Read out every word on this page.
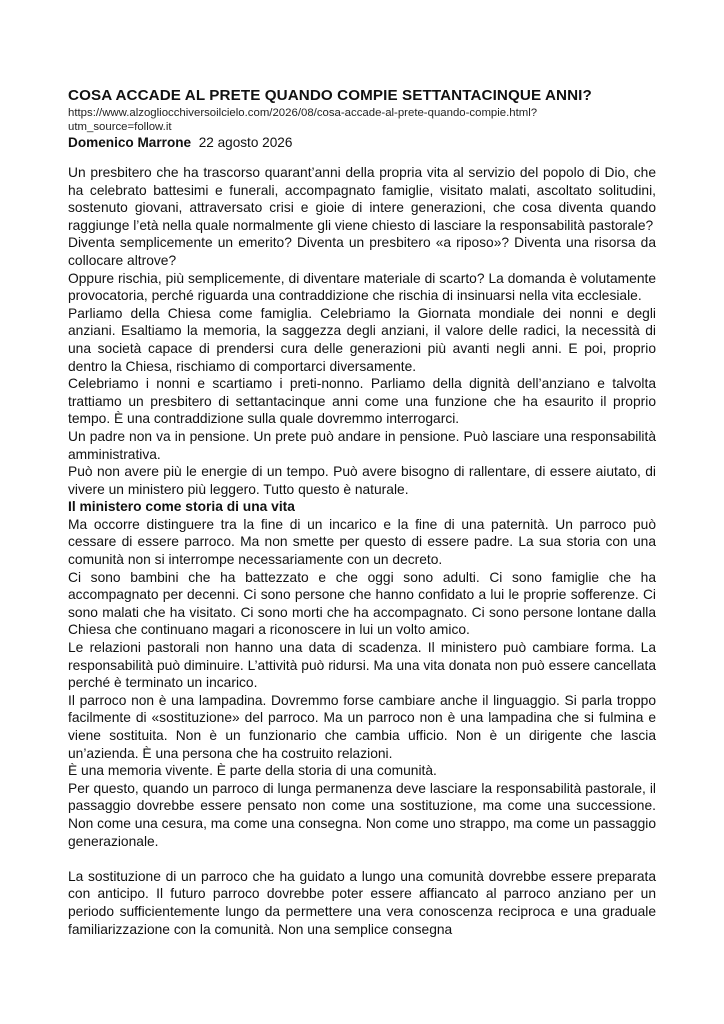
COSA ACCADE AL PRETE QUANDO COMPIE SETTANTACINQUE ANNI?

https://www.alzogliocchiversoilcielo.com/2026/08/cosa-accade-al-prete-quando-compie.html?utm_source=follow.it

Domenico Marrone 22 agosto 2026

Un presbitero che ha trascorso quarant’anni della propria vita al servizio del popolo di Dio, che ha celebrato battesimi e funerali, accompagnato famiglie, visitato malati, ascoltato solitudini, sostenuto giovani, attraversato crisi e gioie di intere generazioni, che cosa diventa quando raggiunge l’età nella quale normalmente gli viene chiesto di lasciare la responsabilità pastorale?

Diventa semplicemente un emerito? Diventa un presbitero «a riposo»? Diventa una risorsa da collocare altrove?

Oppure rischia, più semplicemente, di diventare materiale di scarto? La domanda è volutamente provocatoria, perché riguarda una contraddizione che rischia di insinuarsi nella vita ecclesiale.

Parliamo della Chiesa come famiglia. Celebriamo la Giornata mondiale dei nonni e degli anziani. Esaltiamo la memoria, la saggezza degli anziani, il valore delle radici, la necessità di una società capace di prendersi cura delle generazioni più avanti negli anni. E poi, proprio dentro la Chiesa, rischiamo di comportarci diversamente.

Celebriamo i nonni e scartiamo i preti-nonno. Parliamo della dignità dell’anziano e talvolta trattiamo un presbitero di settantacinque anni come una funzione che ha esaurito il proprio tempo. È una contraddizione sulla quale dovremmo interrogarci.

Un padre non va in pensione. Un prete può andare in pensione. Può lasciare una responsabilità amministrativa.

Può non avere più le energie di un tempo. Può avere bisogno di rallentare, di essere aiutato, di vivere un ministero più leggero. Tutto questo è naturale.

Il ministero come storia di una vita

Ma occorre distinguere tra la fine di un incarico e la fine di una paternità. Un parroco può cessare di essere parroco. Ma non smette per questo di essere padre. La sua storia con una comunità non si interrompe necessariamente con un decreto.

Ci sono bambini che ha battezzato e che oggi sono adulti. Ci sono famiglie che ha accompagnato per decenni. Ci sono persone che hanno confidato a lui le proprie sofferenze. Ci sono malati che ha visitato. Ci sono morti che ha accompagnato. Ci sono persone lontane dalla Chiesa che continuano magari a riconoscere in lui un volto amico.

Le relazioni pastorali non hanno una data di scadenza. Il ministero può cambiare forma. La responsabilità può diminuire. L’attività può ridursi. Ma una vita donata non può essere cancellata perché è terminato un incarico.

Il parroco non è una lampadina. Dovremmo forse cambiare anche il linguaggio. Si parla troppo facilmente di «sostituzione» del parroco. Ma un parroco non è una lampadina che si fulmina e viene sostituita. Non è un funzionario che cambia ufficio. Non è un dirigente che lascia un’azienda. È una persona che ha costruito relazioni.

È una memoria vivente. È parte della storia di una comunità.

Per questo, quando un parroco di lunga permanenza deve lasciare la responsabilità pastorale, il passaggio dovrebbe essere pensato non come una sostituzione, ma come una successione. Non come una cesura, ma come una consegna. Non come uno strappo, ma come un passaggio generazionale.

La sostituzione di un parroco che ha guidato a lungo una comunità dovrebbe essere preparata con anticipo. Il futuro parroco dovrebbe poter essere affiancato al parroco anziano per un periodo sufficientemente lungo da permettere una vera conoscenza reciproca e una graduale familiarizzazione con la comunità. Non una semplice consegna
